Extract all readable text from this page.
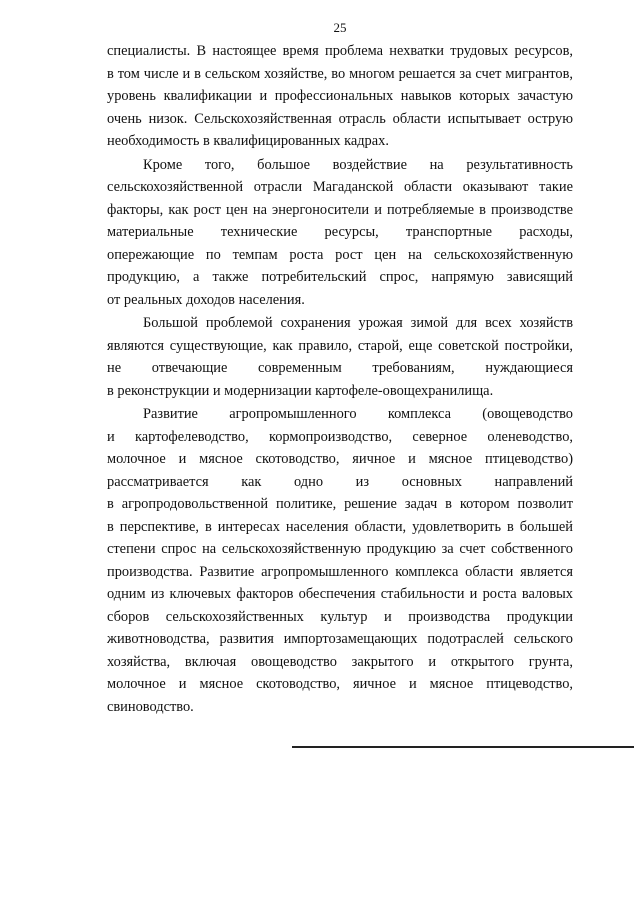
25

специалисты. В настоящее время проблема нехватки трудовых ресурсов,
в том числе и в сельском хозяйстве, во многом решается за счет мигрантов,
уровень квалификации и профессиональных навыков которых зачастую
очень низок. Сельскохозяйственная отрасль области испытывает острую
необходимость в квалифицированных кадрах.

Кроме того, большое воздействие на результативность
сельскохозяйственной отрасли Магаданской области оказывают такие
факторы, как рост цен на энергоносители и потребляемые в производстве
материальные технические ресурсы, транспортные расходы,
опережающие по темпам роста рост цен на сельскохозяйственную
продукцию, а также потребительский спрос, напрямую зависящий
от реальных доходов населения.

Большой проблемой сохранения урожая зимой для всех хозяйств
являются существующие, как правило, старой, еще советской постройки,
не отвечающие современным требованиям, нуждающиеся
в реконструкции и модернизации картофеле-овощехранилища.

Развитие агропромышленного комплекса (овощеводство
и картофелеводство, кормопроизводство, северное оленеводство,
молочное и мясное скотоводство, яичное и мясное птицеводство)
рассматривается как одно из основных направлений
в агропродовольственной политике, решение задач в котором позволит
в перспективе, в интересах населения области, удовлетворить в большей
степени спрос на сельскохозяйственную продукцию за счет собственного
производства. Развитие агропромышленного комплекса области является
одним из ключевых факторов обеспечения стабильности и роста валовых
сборов сельскохозяйственных культур и производства продукции
животноводства, развития импортозамещающих подотраслей сельского
хозяйства, включая овощеводство закрытого и открытого грунта,
молочное и мясное скотоводство, яичное и мясное птицеводство,
свиноводство.
